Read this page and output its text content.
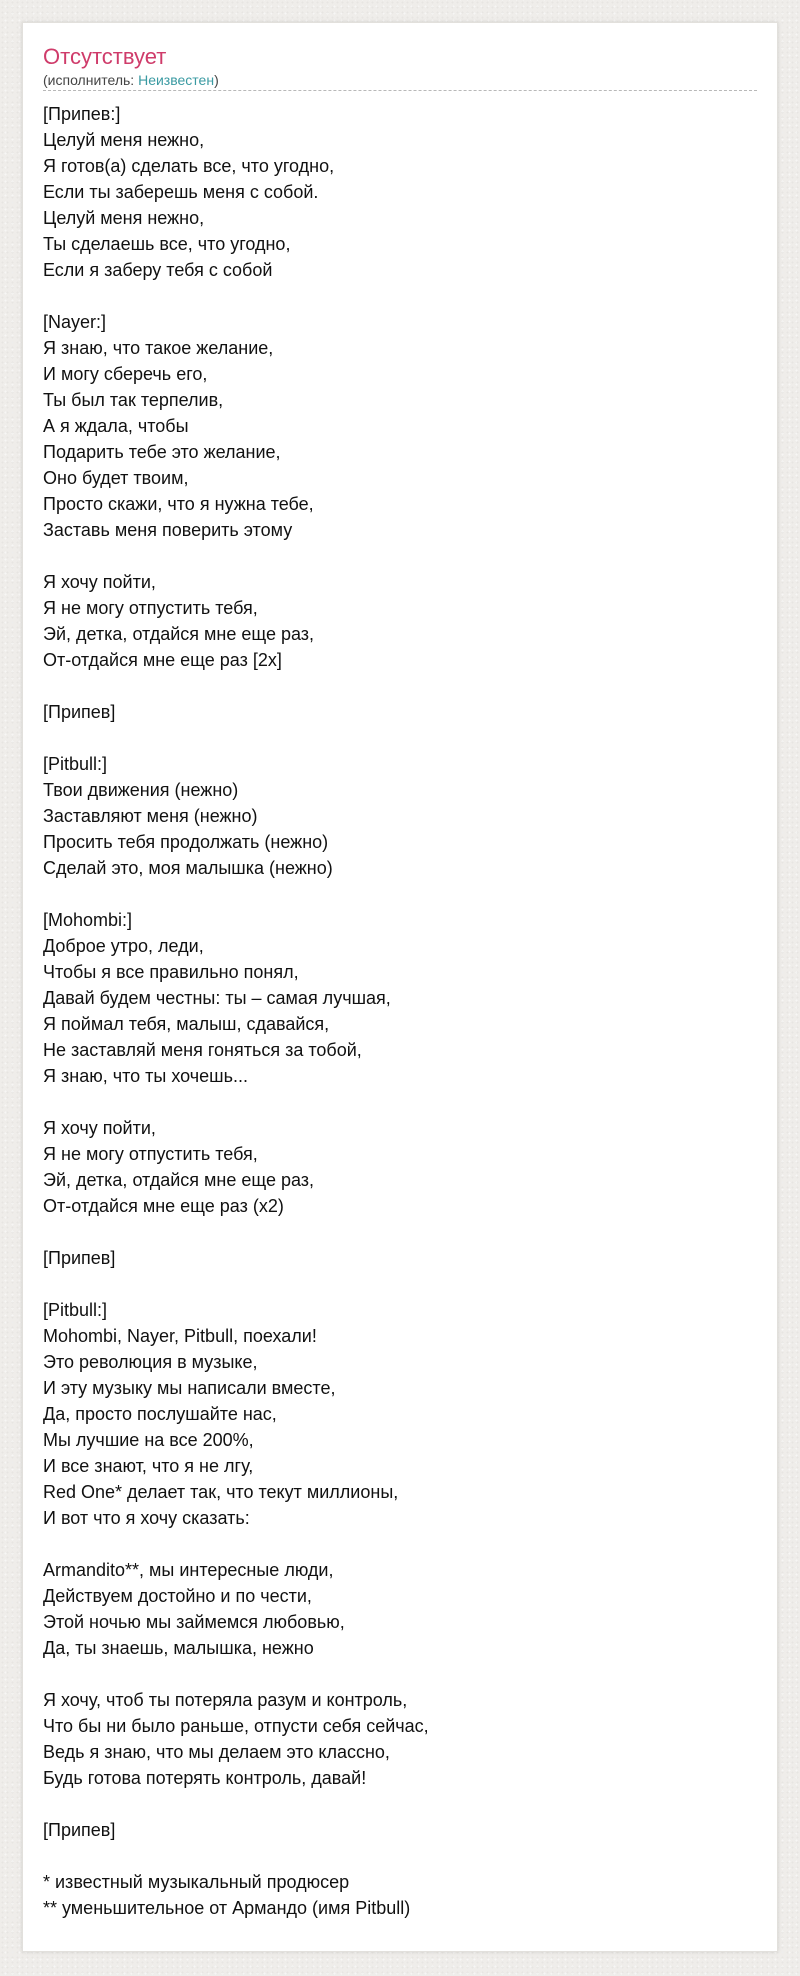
Отсутствует
(исполнитель: Неизвестен)
[Припев:]
Целуй меня нежно,
Я готов(а) сделать все, что угодно,
Если ты заберешь меня с собой.
Целуй меня нежно,
Ты сделаешь все, что угодно,
Если я заберу тебя с собой
[Nayer:]
Я знаю, что такое желание,
И могу сберечь его,
Ты был так терпелив,
А я ждала, чтобы
Подарить тебе это желание,
Оно будет твоим,
Просто скажи, что я нужна тебе,
Заставь меня поверить этому
Я хочу пойти,
Я не могу отпустить тебя,
Эй, детка, отдайся мне еще раз,
От-отдайся мне еще раз [2x]
[Припев]
[Pitbull:]
Твои движения (нежно)
Заставляют меня (нежно)
Просить тебя продолжать (нежно)
Сделай это, моя малышка (нежно)
[Mohombi:]
Доброе утро, леди,
Чтобы я все правильно понял,
Давай будем честны: ты – самая лучшая,
Я поймал тебя, малыш, сдавайся,
Не заставляй меня гоняться за тобой,
Я знаю, что ты хочешь...
Я хочу пойти,
Я не могу отпустить тебя,
Эй, детка, отдайся мне еще раз,
От-отдайся мне еще раз (x2)
[Припев]
[Pitbull:]
Mohombi, Nayer, Pitbull, поехали!
Это революция в музыке,
И эту музыку мы написали вместе,
Да, просто послушайте нас,
Мы лучшие на все 200%,
И все знают, что я не лгу,
Red One* делает так, что текут миллионы,
И вот что я хочу сказать:
Armandito**, мы интересные люди,
Действуем достойно и по чести,
Этой ночью мы займемся любовью,
Да, ты знаешь, малышка, нежно
Я хочу, чтоб ты потеряла разум и контроль,
Что бы ни было раньше, отпусти себя сейчас,
Ведь я знаю, что мы делаем это классно,
Будь готова потерять контроль, давай!
[Припев]
* известный музыкальный продюсер
** уменьшительное от Армандо (имя Pitbull)
